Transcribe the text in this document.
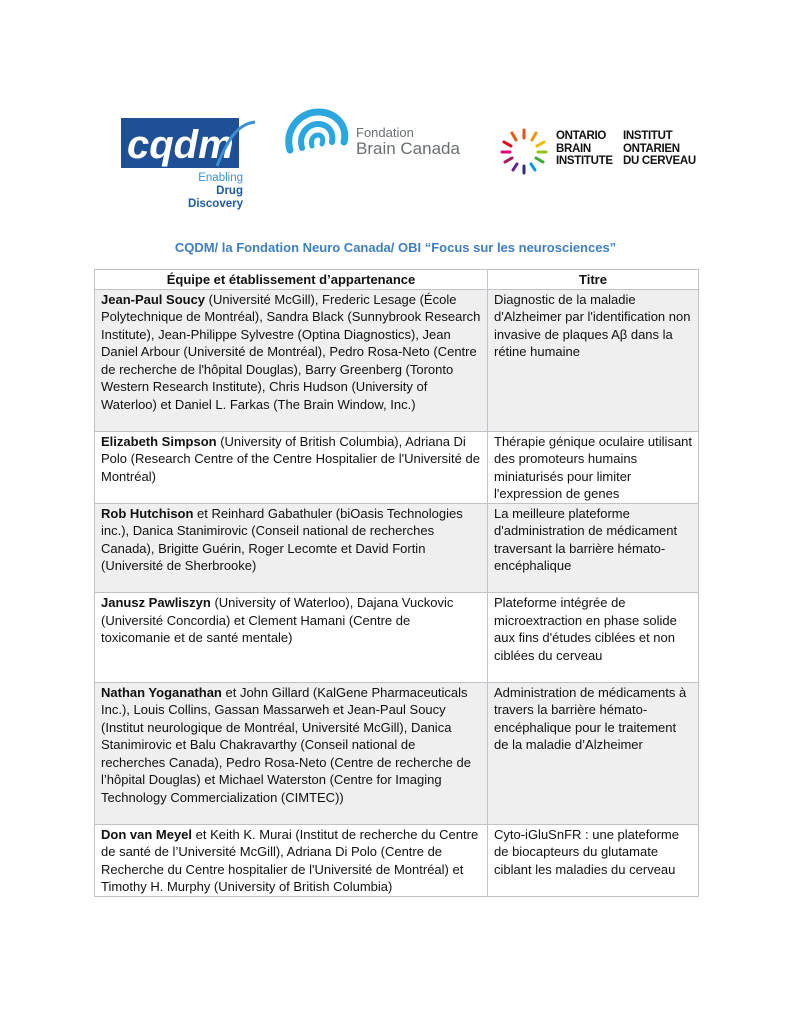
cqdm
Enabling
Drug Discovery
Fondation
Brain Canada
ONTARIO
BRAIN
INSTITUTE
INSTITUT
ONTARIEN
DU CERVEAU
CQDM/ la Fondation Neuro Canada/ OBI “Focus sur les neurosciences”
Équipe et établissement d’appartenance	Titre
Jean-Paul Soucy (Université McGill), Frederic Lesage (École Polytechnique de Montréal), Sandra Black (Sunnybrook Research Institute), Jean-Philippe Sylvestre (Optina Diagnostics), Jean Daniel Arbour (Université de Montréal), Pedro Rosa-Neto (Centre de recherche de l'hôpital Douglas), Barry Greenberg (Toronto Western Research Institute), Chris Hudson (University of Waterloo) et Daniel L. Farkas (The Brain Window, Inc.)	Diagnostic de la maladie d'Alzheimer par l'identification non invasive de plaques Aβ dans la rétine humaine
Elizabeth Simpson (University of British Columbia), Adriana Di Polo (Research Centre of the Centre Hospitalier de l'Université de Montréal)	Thérapie génique oculaire utilisant des promoteurs humains miniaturisés pour limiter l'expression de genes
Rob Hutchison et Reinhard Gabathuler (biOasis Technologies inc.), Danica Stanimirovic (Conseil national de recherches Canada), Brigitte Guérin, Roger Lecomte et David Fortin (Université de Sherbrooke)	La meilleure plateforme d'administration de médicament traversant la barrière hémato-encéphalique
Janusz Pawliszyn (University of Waterloo), Dajana Vuckovic (Université Concordia) et Clement Hamani (Centre de toxicomanie et de santé mentale)	Plateforme intégrée de microextraction en phase solide aux fins d'études ciblées et non ciblées du cerveau
Nathan Yoganathan et John Gillard (KalGene Pharmaceuticals Inc.), Louis Collins, Gassan Massarweh et Jean-Paul Soucy (Institut neurologique de Montréal, Université McGill), Danica Stanimirovic et Balu Chakravarthy (Conseil national de recherches Canada), Pedro Rosa-Neto (Centre de recherche de l’hôpital Douglas) et Michael Waterston (Centre for Imaging Technology Commercialization (CIMTEC))	Administration de médicaments à travers la barrière hémato-encéphalique pour le traitement de la maladie d’Alzheimer
Don van Meyel et Keith K. Murai (Institut de recherche du Centre de santé de l’Université McGill), Adriana Di Polo (Centre de Recherche du Centre hospitalier de l'Université de Montréal) et Timothy H. Murphy (University of British Columbia)	Cyto-iGluSnFR : une plateforme de biocapteurs du glutamate ciblant les maladies du cerveau
